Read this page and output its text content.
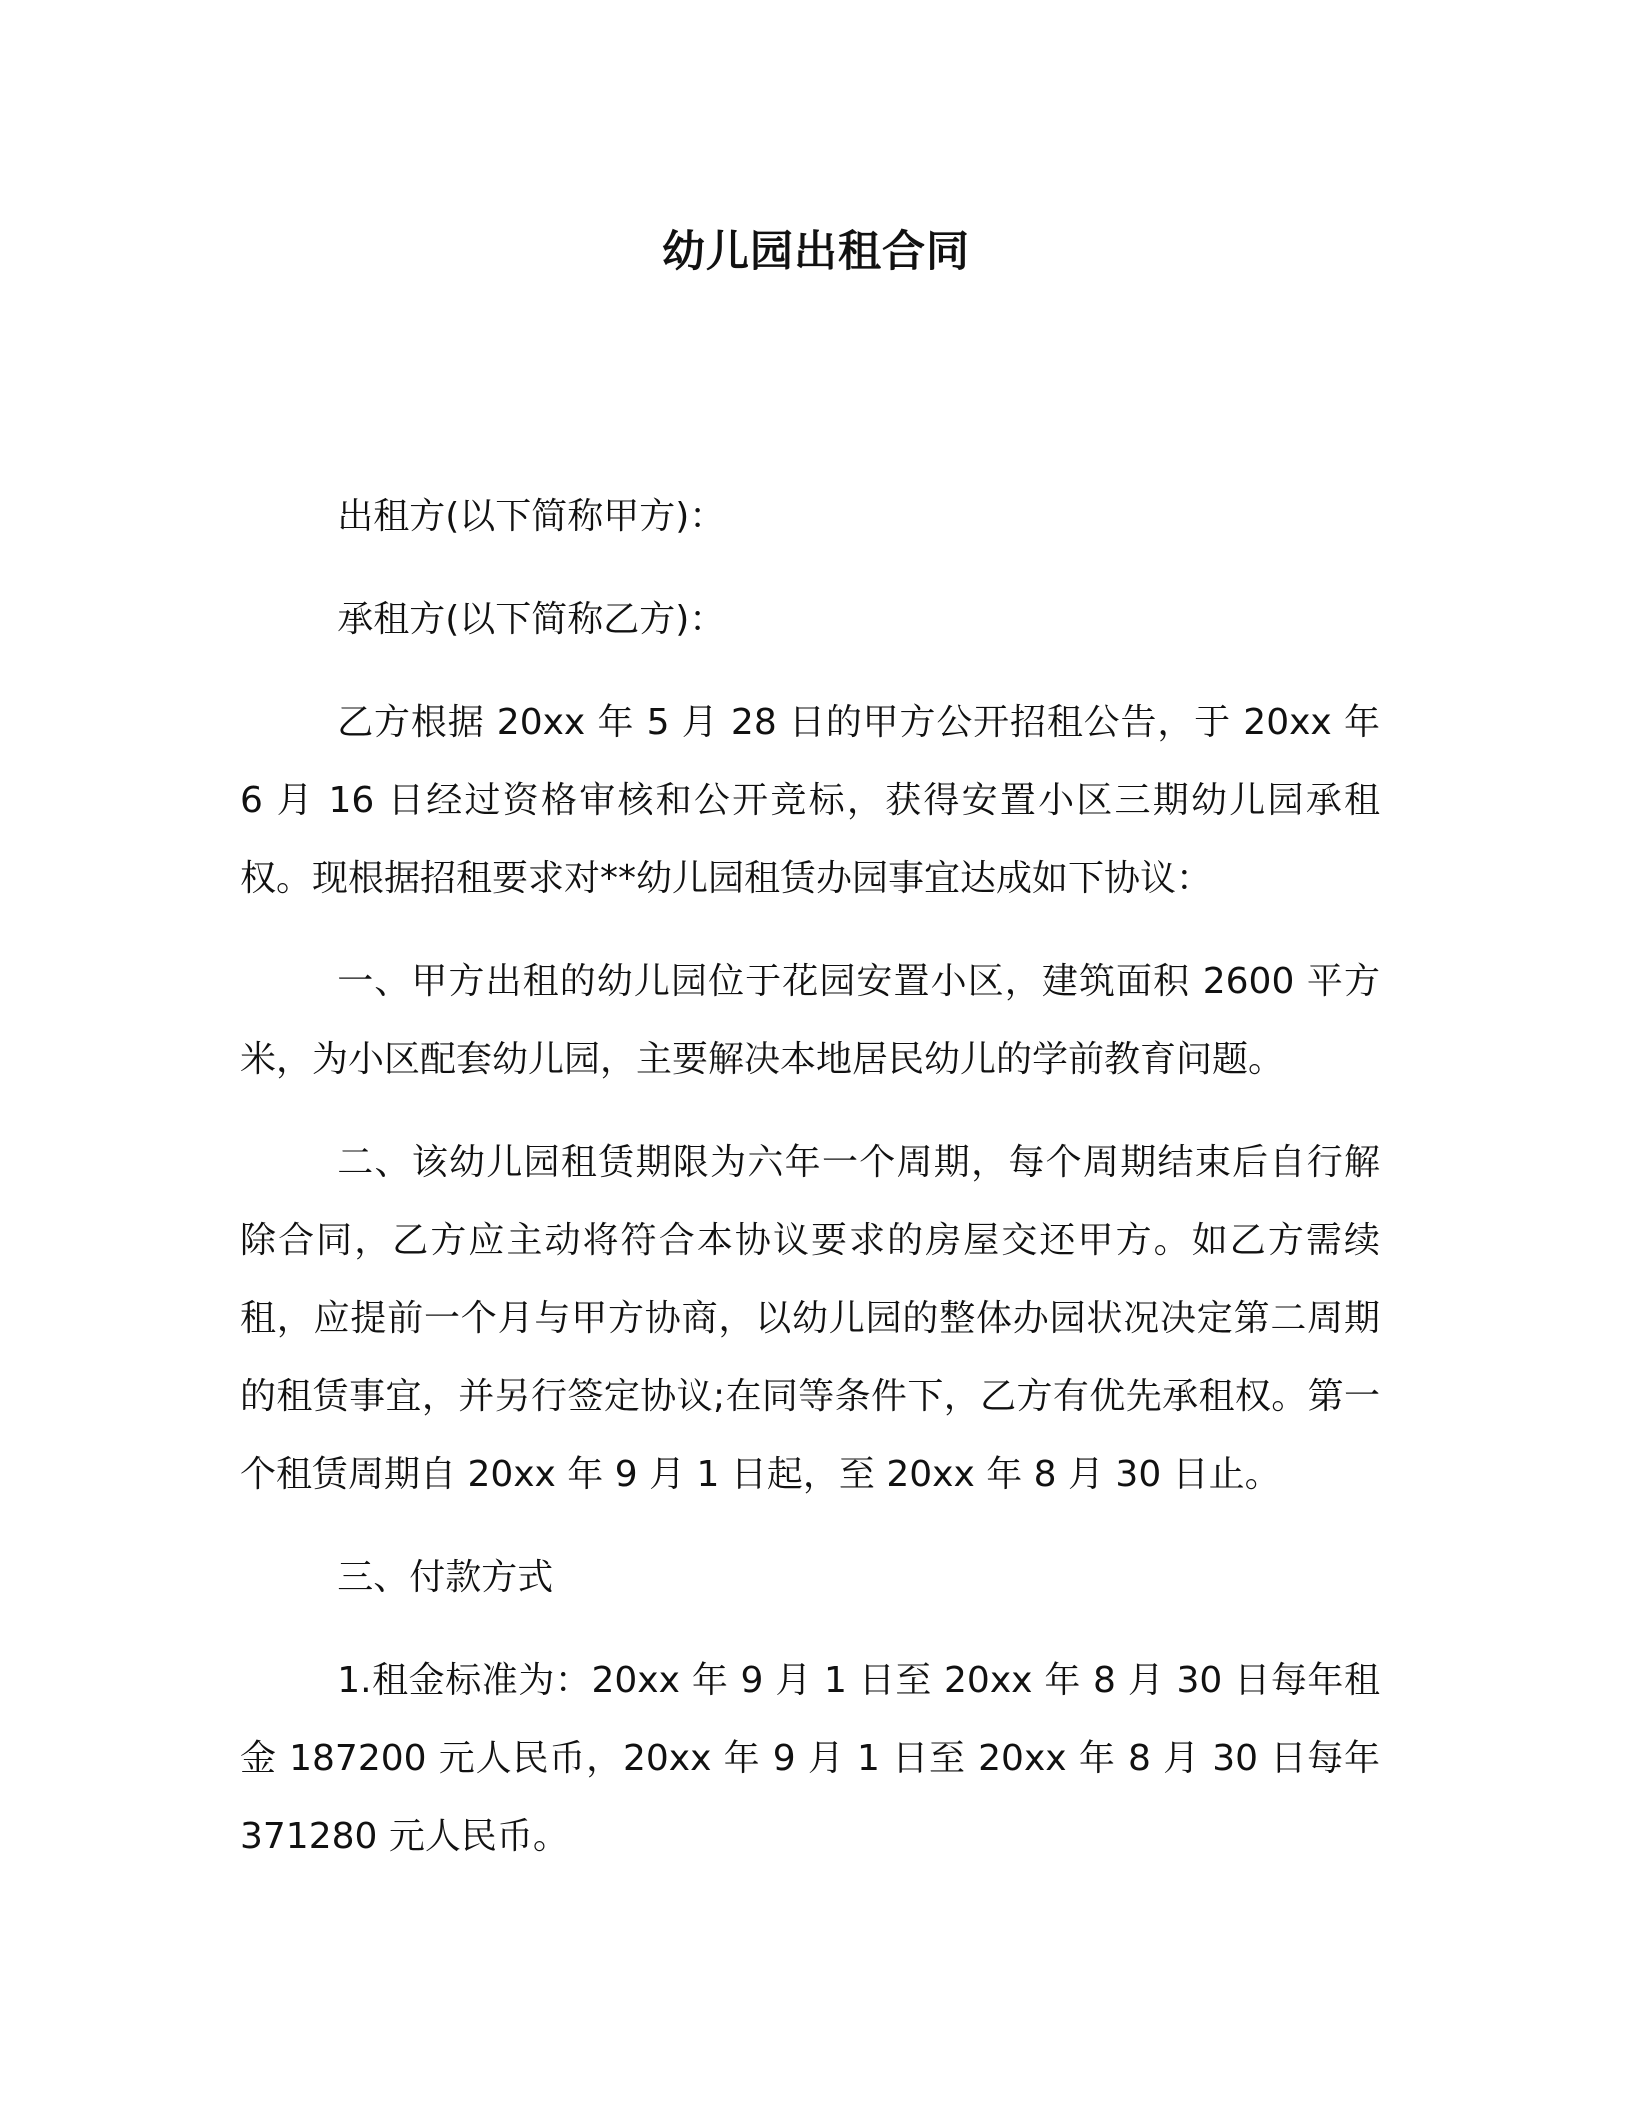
幼儿园出租合同

出租方(以下简称甲方)：

承租方(以下简称乙方)：

乙方根据 20xx 年 5 月 28 日的甲方公开招租公告，于 20xx 年 6 月 16 日经过资格审核和公开竞标，获得安置小区三期幼儿园承租权。现根据招租要求对**幼儿园租赁办园事宜达成如下协议：

一、甲方出租的幼儿园位于花园安置小区，建筑面积 2600 平方米，为小区配套幼儿园，主要解决本地居民幼儿的学前教育问题。

二、该幼儿园租赁期限为六年一个周期，每个周期结束后自行解除合同，乙方应主动将符合本协议要求的房屋交还甲方。如乙方需续租，应提前一个月与甲方协商，以幼儿园的整体办园状况决定第二周期的租赁事宜，并另行签定协议;在同等条件下，乙方有优先承租权。第一个租赁周期自 20xx 年 9 月 1 日起，至 20xx 年 8 月 30 日止。

三、付款方式

1.租金标准为：20xx 年 9 月 1 日至 20xx 年 8 月 30 日每年租金 187200 元人民币，20xx 年 9 月 1 日至 20xx 年 8 月 30 日每年 371280 元人民币。
